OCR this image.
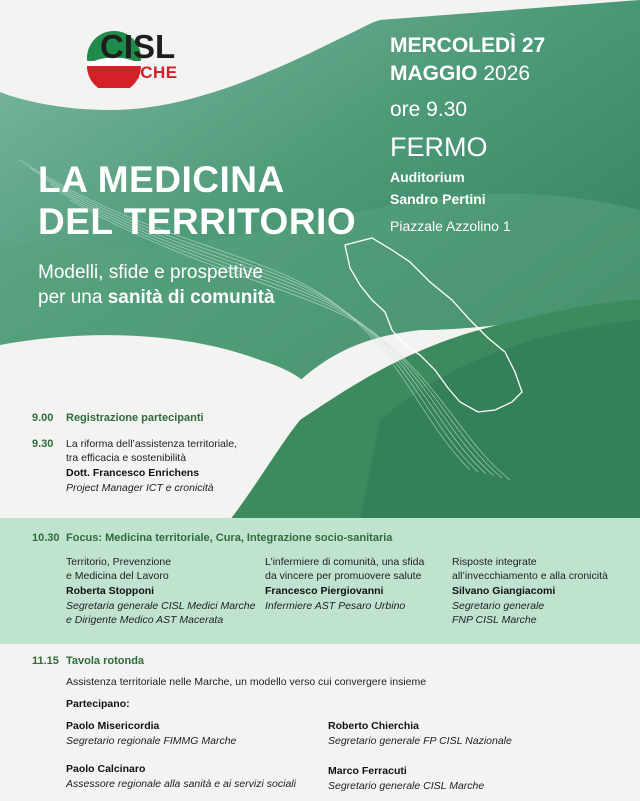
CISL
MARCHE
MERCOLEDÌ 27
MAGGIO 2026
ore 9.30
FERMO
Auditorium
Sandro Pertini
Piazzale Azzolino 1
LA MEDICINA
DEL TERRITORIO
Modelli, sfide e prospettive
per una sanità di comunità
9.00 Registrazione partecipanti
9.30 La riforma dell’assistenza territoriale,
tra efficacia e sostenibilità
Dott. Francesco Enrichens
Project Manager ICT e cronicità
10.30 Focus: Medicina territoriale, Cura, Integrazione socio-sanitaria
Territorio, Prevenzione
e Medicina del Lavoro
Roberta Stopponi
Segretaria generale CISL Medici Marche
e Dirigente Medico AST Macerata
L’infermiere di comunità, una sfida
da vincere per promuovere salute
Francesco Piergiovanni
Infermiere AST Pesaro Urbino
Risposte integrate
all’invecchiamento e alla cronicità
Silvano Giangiacomi
Segretario generale
FNP CISL Marche
11.15 Tavola rotonda
Assistenza territoriale nelle Marche, un modello verso cui convergere insieme
Partecipano:
Paolo Misericordia
Segretario regionale FIMMG Marche
Roberto Chierchia
Segretario generale FP CISL Nazionale
Paolo Calcinaro
Assessore regionale alla sanità e ai servizi sociali
Marco Ferracuti
Segretario generale CISL Marche
